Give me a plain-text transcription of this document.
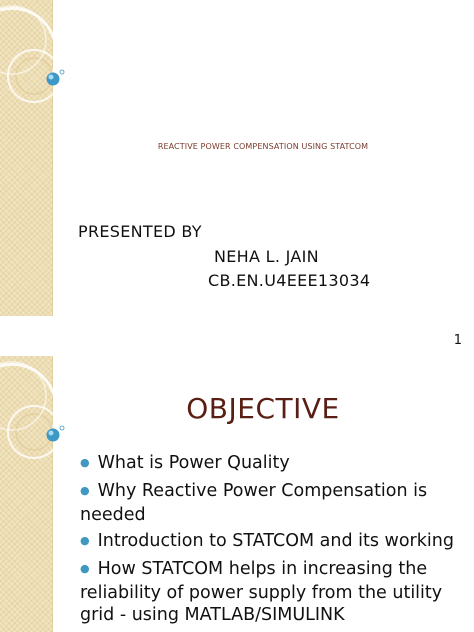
REACTIVE POWER COMPENSATION USING STATCOM
PRESENTED BY
NEHA L. JAIN
CB.EN.U4EEE13034
1
OBJECTIVE
● What is Power Quality
● Why Reactive Power Compensation is needed
● Introduction to STATCOM and its working
● How STATCOM helps in increasing the reliability of power supply from the utility grid - using MATLAB/SIMULINK
